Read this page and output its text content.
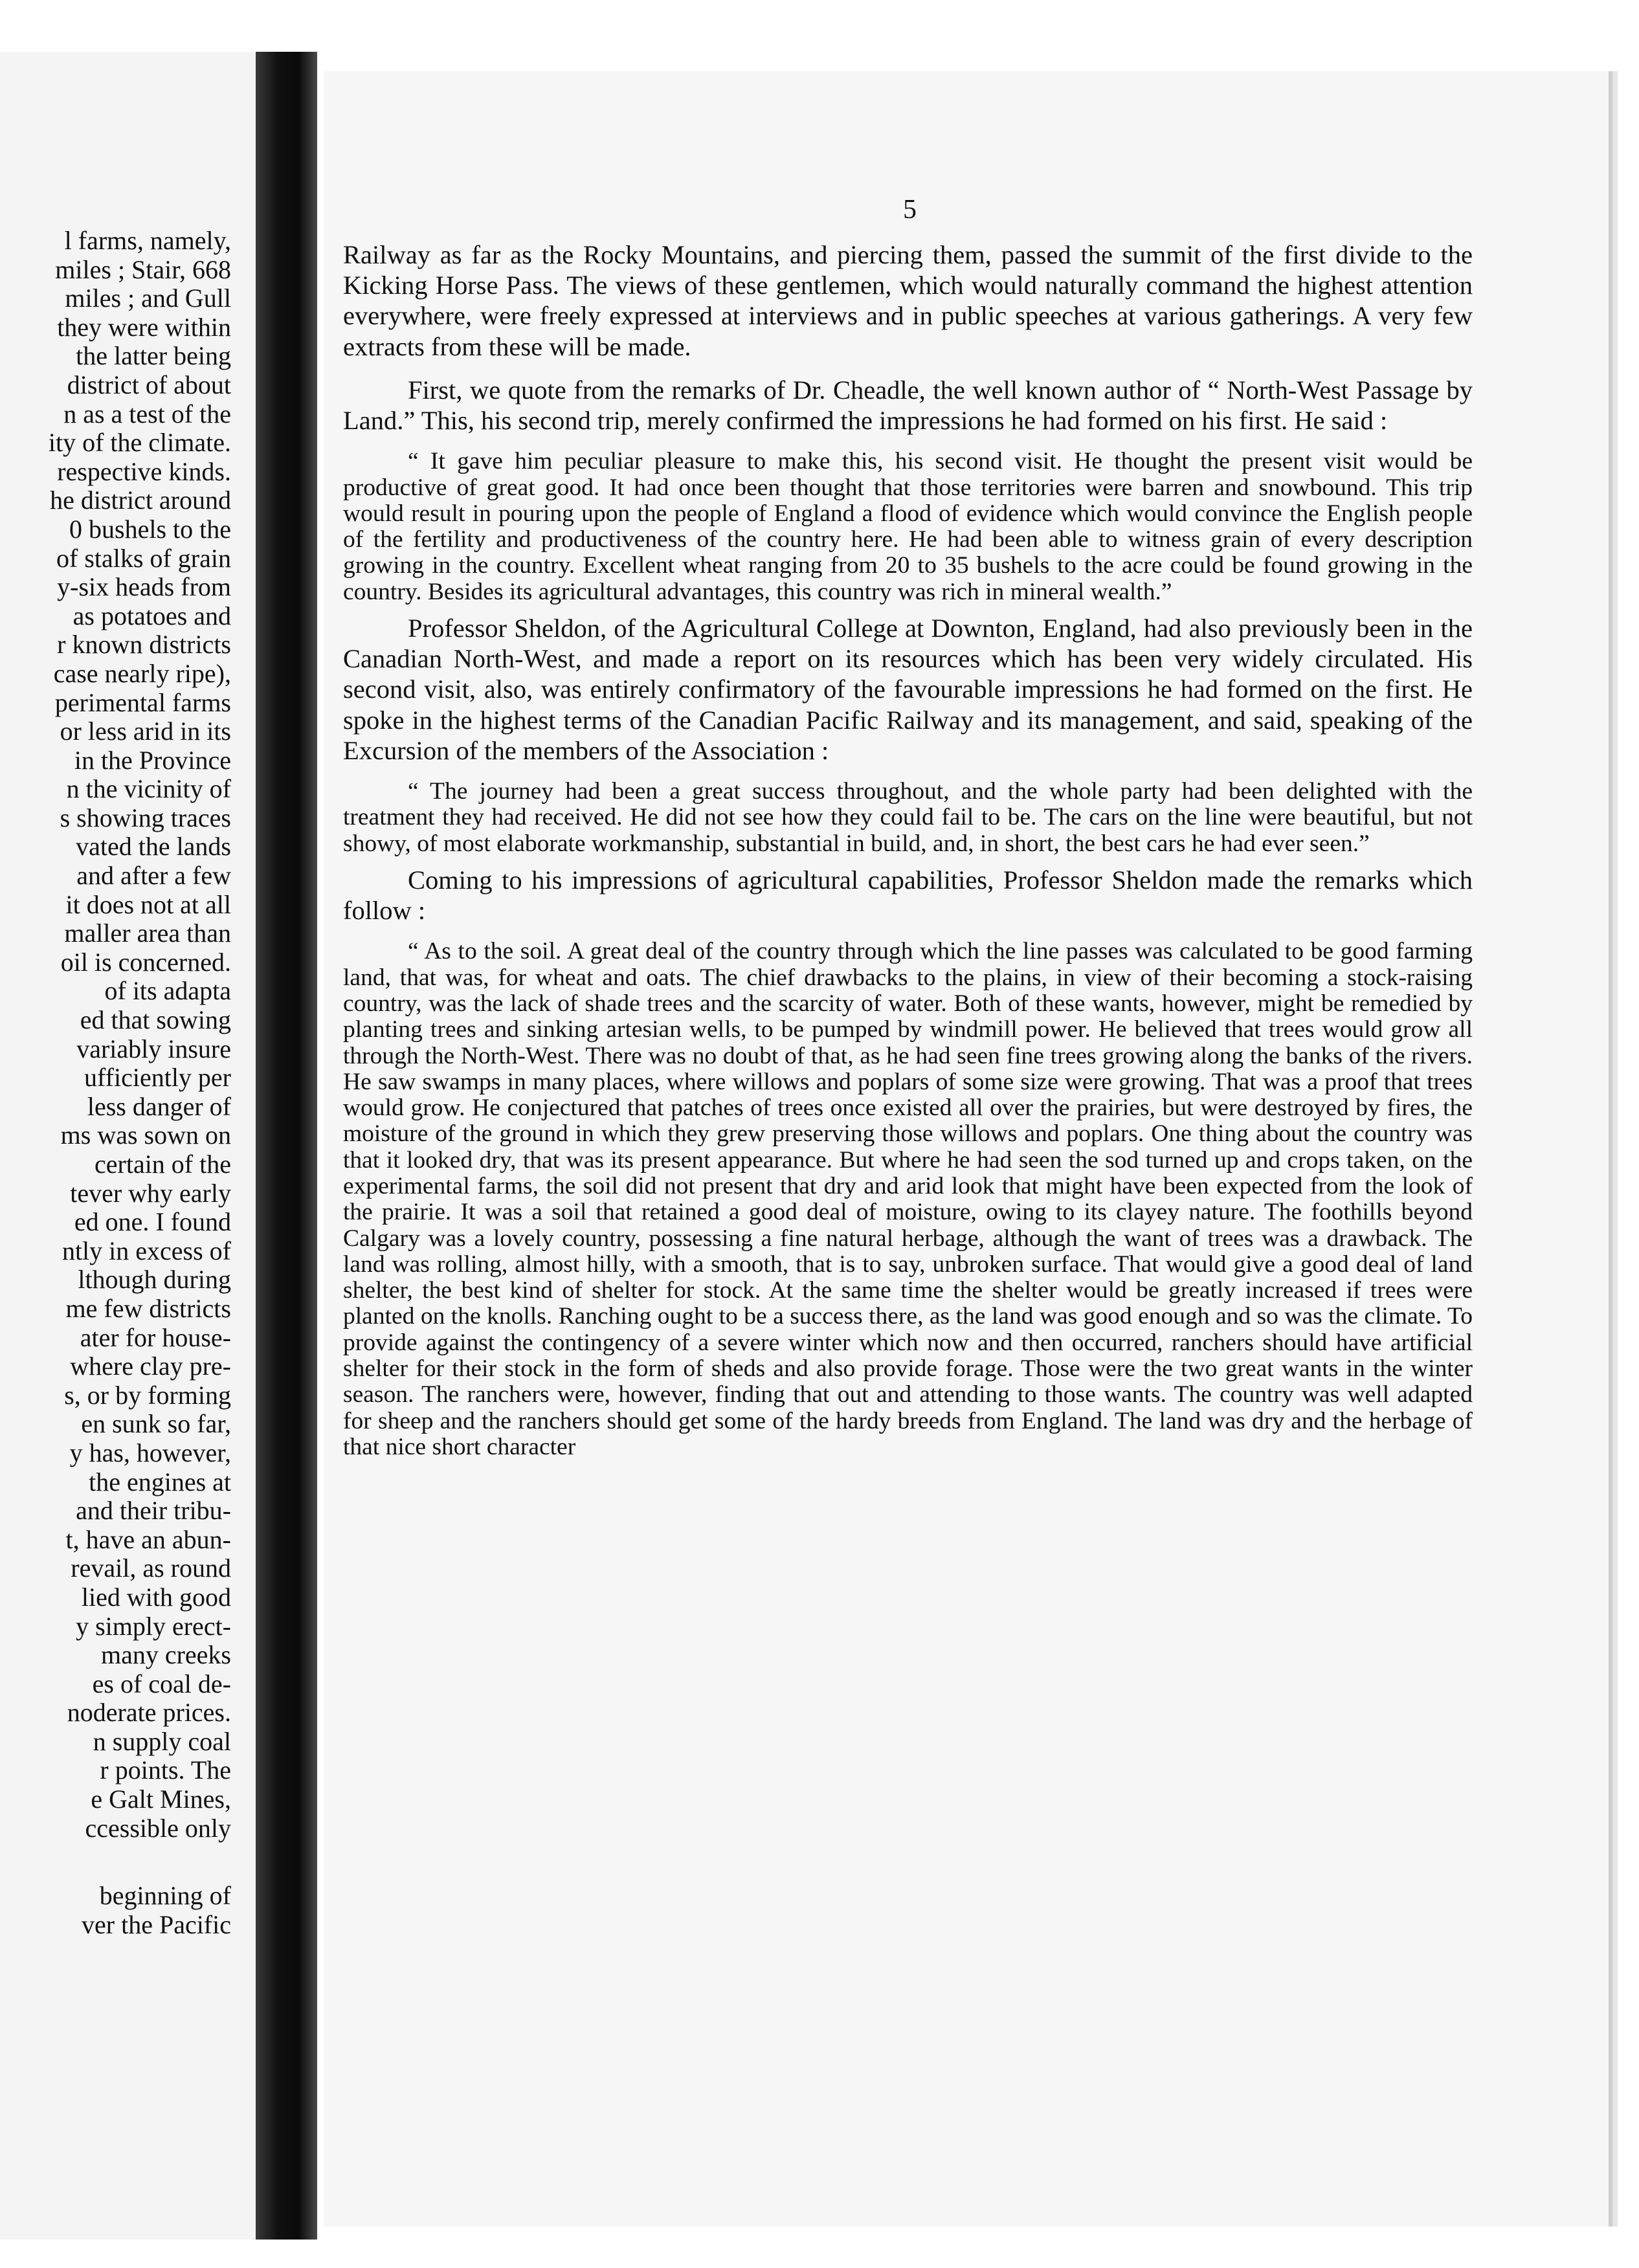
l farms, namely,
miles ; Stair, 668
miles ; and Gull
they were within
the latter being
district of about
n as a test of the
ity of the climate.
respective kinds.
he district around
0 bushels to the
of stalks of grain
y-six heads from
as potatoes and
r known districts
case nearly ripe),
perimental farms
or less arid in its
in the Province
n the vicinity of
s showing traces
vated the lands
and after a few
it does not at all
maller area than
oil is concerned.
of its adapta
ed that sowing
variably insure
ufficiently per
less danger of
ms was sown on
certain of the
tever why early
ed one. I found
ntly in excess of
lthough during
me few districts
ater for house-
where clay pre-
s, or by forming
en sunk so far,
y has, however,
the engines at
and their tribu-
t, have an abun-
revail, as round
lied with good
y simply erect-
many creeks
es of coal de-
noderate prices.
n supply coal
r points. The
e Galt Mines,
ccessible only
beginning of
ver the Pacific
5

Railway as far as the Rocky Mountains, and piercing them, passed the summit of the first divide to the Kicking Horse Pass. The views of these gentlemen, which would naturally command the highest attention everywhere, were freely expressed at interviews and in public speeches at various gatherings. A very few extracts from these will be made.

First, we quote from the remarks of Dr. Cheadle, the well known author of “ North-West Passage by Land.” This, his second trip, merely confirmed the impressions he had formed on his first. He said :

“ It gave him peculiar pleasure to make this, his second visit. He thought the present visit would be productive of great good. It had once been thought that those territories were barren and snowbound. This trip would result in pouring upon the people of England a flood of evidence which would convince the English people of the fertility and productiveness of the country here. He had been able to witness grain of every description growing in the country. Excellent wheat ranging from 20 to 35 bushels to the acre could be found growing in the country. Besides its agricultural advantages, this country was rich in mineral wealth.”

Professor Sheldon, of the Agricultural College at Downton, England, had also previously been in the Canadian North-West, and made a report on its resources which has been very widely circulated. His second visit, also, was entirely confirmatory of the favourable impressions he had formed on the first. He spoke in the highest terms of the Canadian Pacific Railway and its management, and said, speaking of the Excursion of the members of the Association :

“ The journey had been a great success throughout, and the whole party had been delighted with the treatment they had received. He did not see how they could fail to be. The cars on the line were beautiful, but not showy, of most elaborate workmanship, substantial in build, and, in short, the best cars he had ever seen.”

Coming to his impressions of agricultural capabilities, Professor Sheldon made the remarks which follow :

“ As to the soil. A great deal of the country through which the line passes was calculated to be good farming land, that was, for wheat and oats. The chief drawbacks to the plains, in view of their becoming a stock-raising country, was the lack of shade trees and the scarcity of water. Both of these wants, however, might be remedied by planting trees and sinking artesian wells, to be pumped by windmill power. He believed that trees would grow all through the North-West. There was no doubt of that, as he had seen fine trees growing along the banks of the rivers. He saw swamps in many places, where willows and poplars of some size were growing. That was a proof that trees would grow. He conjectured that patches of trees once existed all over the prairies, but were destroyed by fires, the moisture of the ground in which they grew preserving those willows and poplars. One thing about the country was that it looked dry, that was its present appearance. But where he had seen the sod turned up and crops taken, on the experimental farms, the soil did not present that dry and arid look that might have been expected from the look of the prairie. It was a soil that retained a good deal of moisture, owing to its clayey nature. The foothills beyond Calgary was a lovely country, possessing a fine natural herbage, although the want of trees was a drawback. The land was rolling, almost hilly, with a smooth, that is to say, unbroken surface. That would give a good deal of land shelter, the best kind of shelter for stock. At the same time the shelter would be greatly increased if trees were planted on the knolls. Ranching ought to be a success there, as the land was good enough and so was the climate. To provide against the contingency of a severe winter which now and then occurred, ranchers should have artificial shelter for their stock in the form of sheds and also provide forage. Those were the two great wants in the winter season. The ranchers were, however, finding that out and attending to those wants. The country was well adapted for sheep and the ranchers should get some of the hardy breeds from England. The land was dry and the herbage of that nice short character
